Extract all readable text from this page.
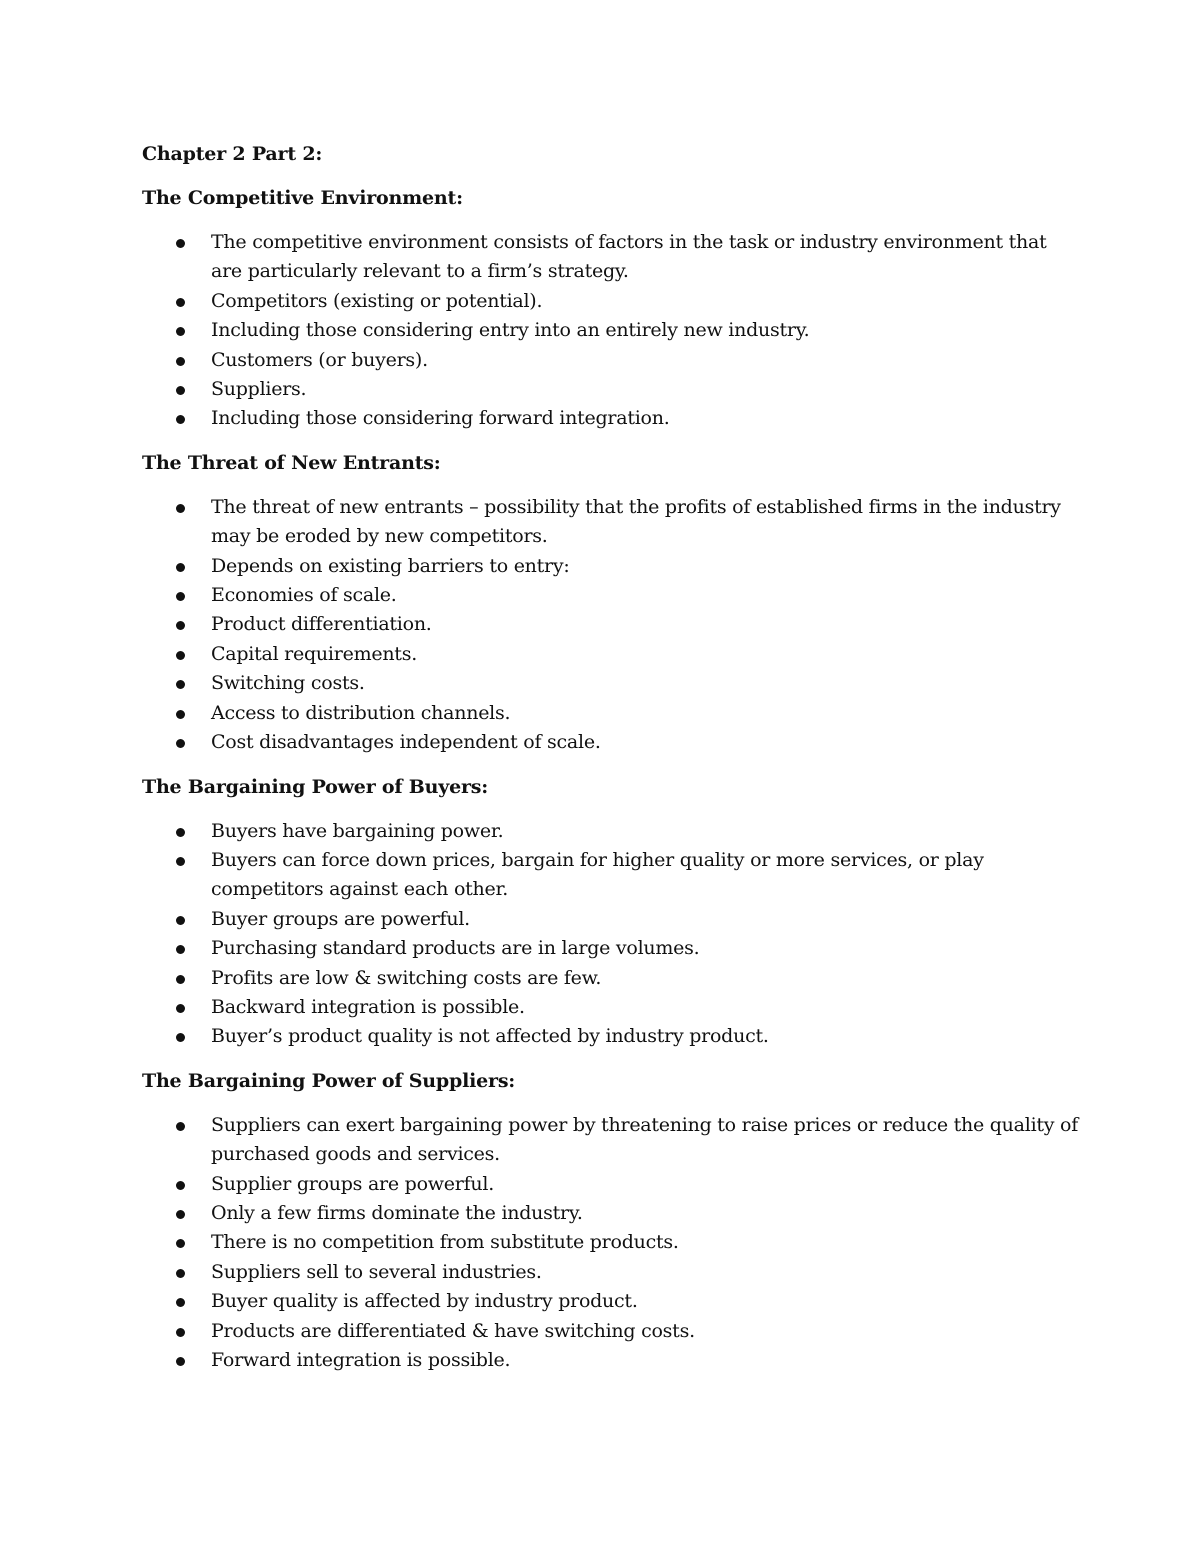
Chapter 2 Part 2:

The Competitive Environment:

The competitive environment consists of factors in the task or industry environment that are particularly relevant to a firm’s strategy.
Competitors (existing or potential).
Including those considering entry into an entirely new industry.
Customers (or buyers).
Suppliers.
Including those considering forward integration.

The Threat of New Entrants:

The threat of new entrants – possibility that the profits of established firms in the industry may be eroded by new competitors.
Depends on existing barriers to entry:
Economies of scale.
Product differentiation.
Capital requirements.
Switching costs.
Access to distribution channels.
Cost disadvantages independent of scale.

The Bargaining Power of Buyers:

Buyers have bargaining power.
Buyers can force down prices, bargain for higher quality or more services, or play competitors against each other.
Buyer groups are powerful.
Purchasing standard products are in large volumes.
Profits are low & switching costs are few.
Backward integration is possible.
Buyer’s product quality is not affected by industry product.

The Bargaining Power of Suppliers:

Suppliers can exert bargaining power by threatening to raise prices or reduce the quality of purchased goods and services.
Supplier groups are powerful.
Only a few firms dominate the industry.
There is no competition from substitute products.
Suppliers sell to several industries.
Buyer quality is affected by industry product.
Products are differentiated & have switching costs.
Forward integration is possible.
